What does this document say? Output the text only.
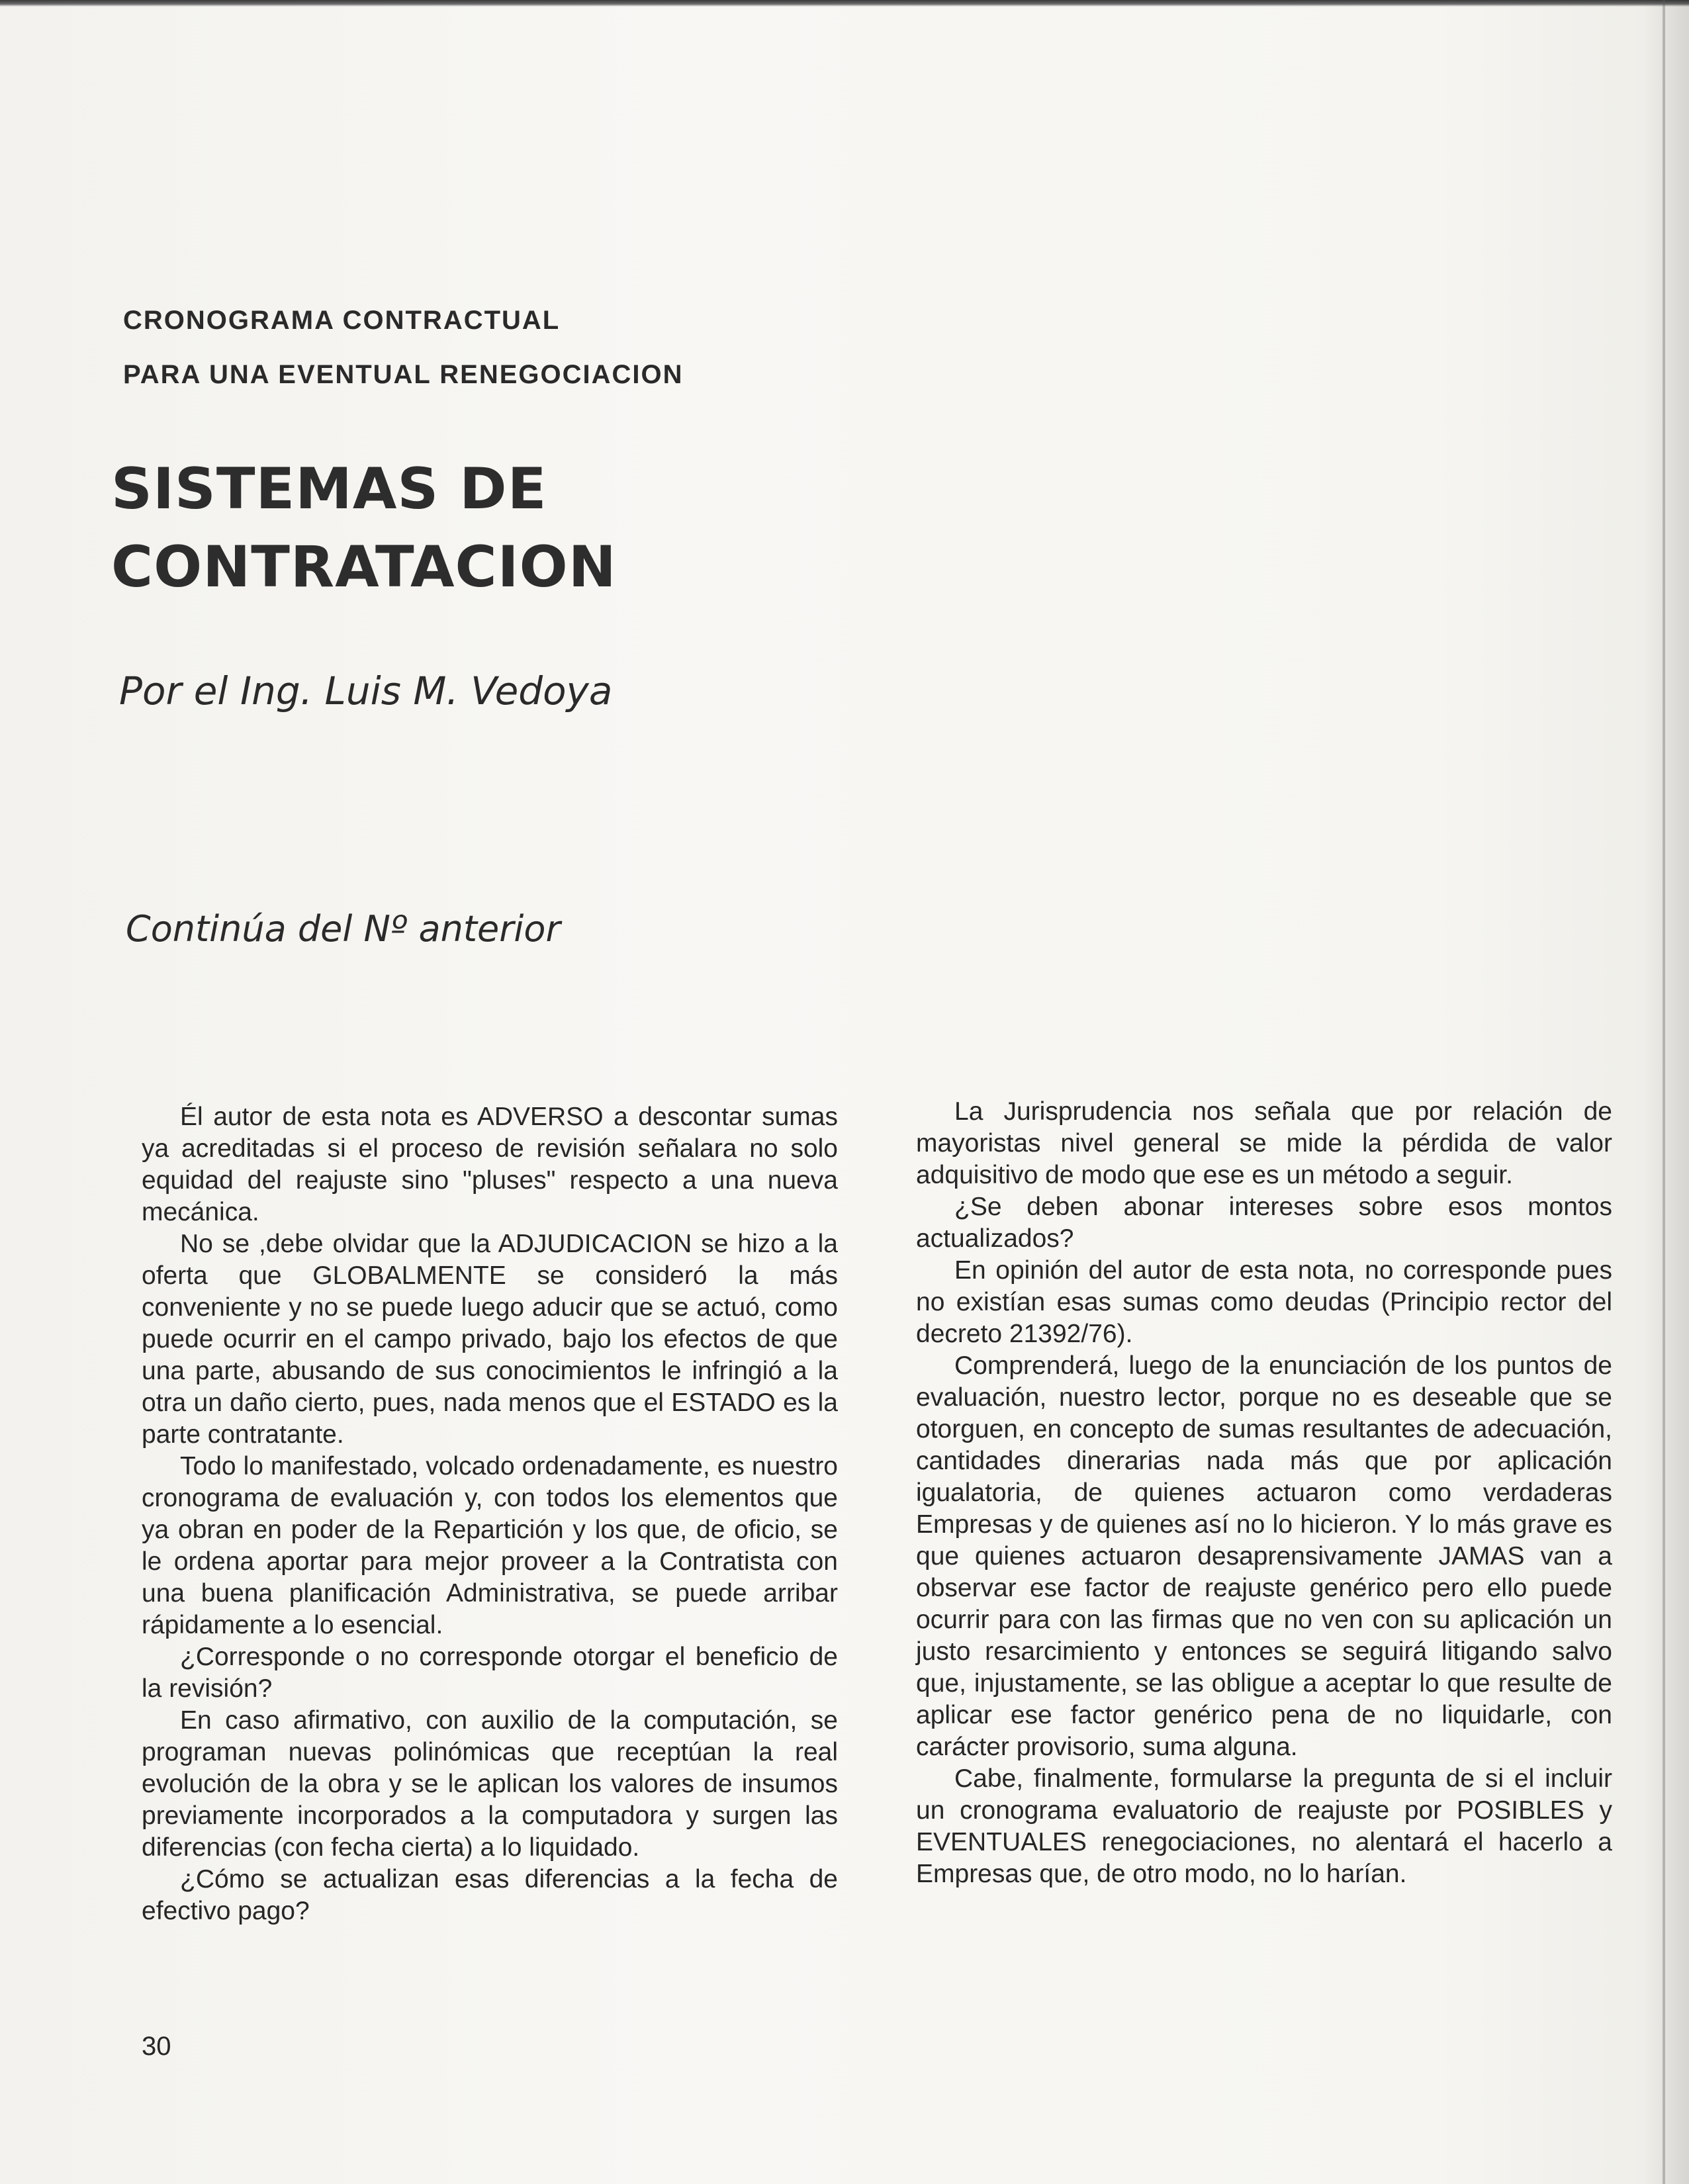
CRONOGRAMA CONTRACTUAL
PARA UNA EVENTUAL RENEGOCIACION
SISTEMAS DE
CONTRATACION
Por el Ing. Luis M. Vedoya
Continúa del Nº anterior

Él autor de esta nota es ADVERSO a descontar sumas ya acreditadas si el proceso de revisión señalara no solo equidad del reajuste sino "pluses" respecto a una nueva mecánica.

No se ,debe olvidar que la ADJUDICACION se hizo a la oferta que GLOBALMENTE se consideró la más conveniente y no se puede luego aducir que se actuó, como puede ocurrir en el campo privado, bajo los efectos de que una parte, abusando de sus conocimientos le infringió a la otra un daño cierto, pues, nada menos que el ESTADO es la parte contratante.

Todo lo manifestado, volcado ordenadamente, es nuestro cronograma de evaluación y, con todos los elementos que ya obran en poder de la Repartición y los que, de oficio, se le ordena aportar para mejor proveer a la Contratista con una buena planificación Administrativa, se puede arribar rápidamente a lo esencial.

¿Corresponde o no corresponde otorgar el beneficio de la revisión?

En caso afirmativo, con auxilio de la computación, se programan nuevas polinómicas que receptúan la real evolución de la obra y se le aplican los valores de insumos previamente incorporados a la computadora y surgen las diferencias (con fecha cierta) a lo liquidado.

¿Cómo se actualizan esas diferencias a la fecha de efectivo pago?

La Jurisprudencia nos señala que por relación de mayoristas nivel general se mide la pérdida de valor adquisitivo de modo que ese es un método a seguir.

¿Se deben abonar intereses sobre esos montos actualizados?

En opinión del autor de esta nota, no corresponde pues no existían esas sumas como deudas (Principio rector del decreto 21392/76).

Comprenderá, luego de la enunciación de los puntos de evaluación, nuestro lector, porque no es deseable que se otorguen, en concepto de sumas resultantes de adecuación, cantidades dinerarias nada más que por aplicación igualatoria, de quienes actuaron como verdaderas Empresas y de quienes así no lo hicieron. Y lo más grave es que quienes actuaron desaprensivamente JAMAS van a observar ese factor de reajuste genérico pero ello puede ocurrir para con las firmas que no ven con su aplicación un justo resarcimiento y entonces se seguirá litigando salvo que, injustamente, se las obligue a aceptar lo que resulte de aplicar ese factor genérico pena de no liquidarle, con carácter provisorio, suma alguna.

Cabe, finalmente, formularse la pregunta de si el incluir un cronograma evaluatorio de reajuste por POSIBLES y EVENTUALES renegociaciones, no alentará el hacerlo a Empresas que, de otro modo, no lo harían.

30
